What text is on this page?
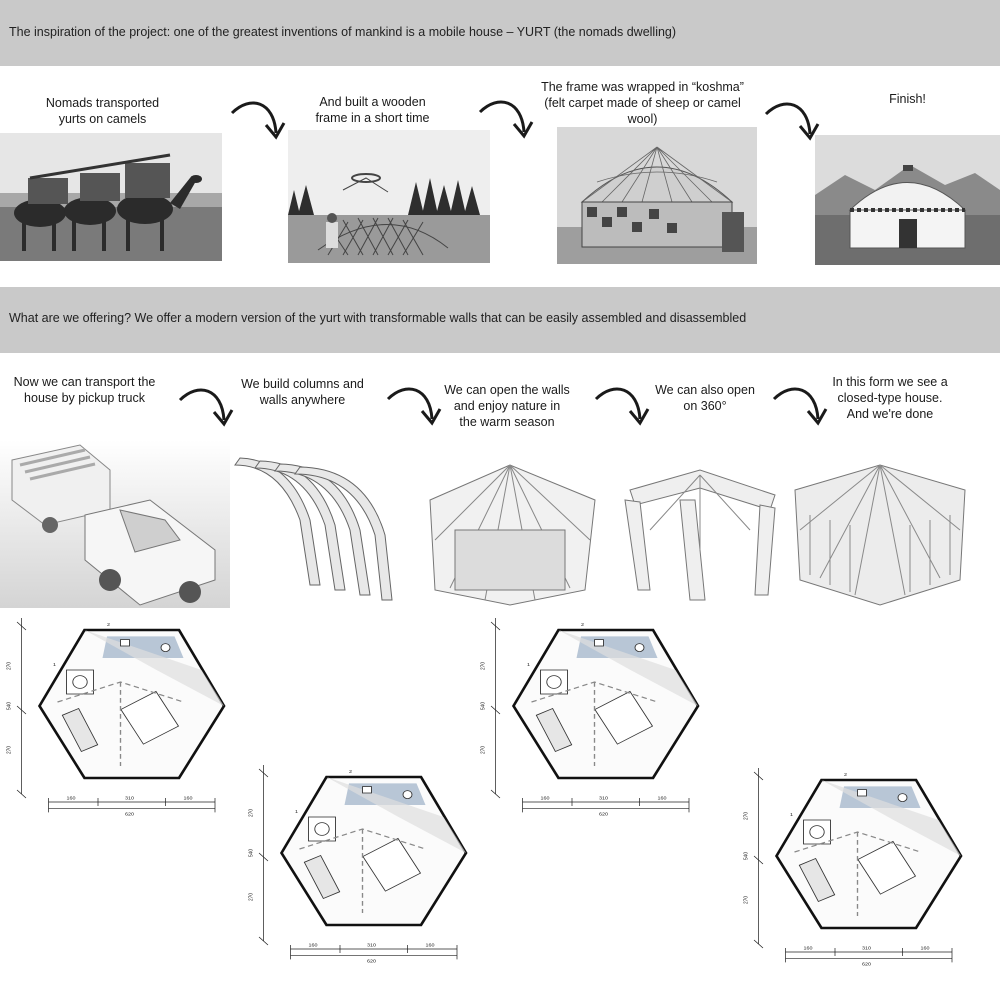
The inspiration of the project: one of the greatest inventions of mankind is a mobile house – YURT (the nomads dwelling)
Nomads transported
yurts on camels
And built a wooden
frame in a short time
The frame was wrapped in “koshma”
(felt carpet made of sheep or camel
wool)
Finish!
What are we offering? We offer a modern version of the yurt with transformable walls that can be easily assembled and disassembled
Now we can transport the
house by pickup truck
We build columns and
walls anywhere
We can open the walls
and enjoy nature in
the warm season
We can also open
on 360°
In this form we see a
closed-type house.
And we're done
270
540
270
160	310	160
620
1
2
270
540
270
160	310	160
620
1
2
270
540
270
160	310	160
620
1
2
270
540
270
160	310	160
620
1
2
